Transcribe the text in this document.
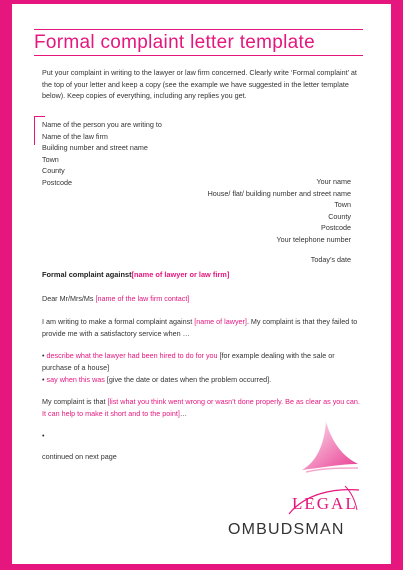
Formal complaint letter template
Put your complaint in writing to the lawyer or law firm concerned. Clearly write ‘Formal complaint’ at the top of your letter and keep a copy (see the example we have suggested in the letter template below). Keep copies of everything, including any replies you get.
Name of the person you are writing to
Name of the law firm
Building number and street name
Town
County
Postcode	Your name
House/ flat/ building number and street name
Town
County
Postcode
Your telephone number
Today’s date
Formal complaint against[name of lawyer or law firm]
Dear Mr/Mrs/Ms [name of the law firm contact]
I am writing to make a formal complaint against [name of lawyer]. My complaint is that they failed to provide me with a satisfactory service when …
• describe what the lawyer had been hired to do for you [for example dealing with the sale or purchase of a house]
• say when this was [give the date or dates when the problem occurred].
My complaint is that [list what you think went wrong or wasn’t done properly. Be as clear as you can. It can help to make it short and to the point]…
•
continued on next page
LEGAL
OMBUDSMAN
